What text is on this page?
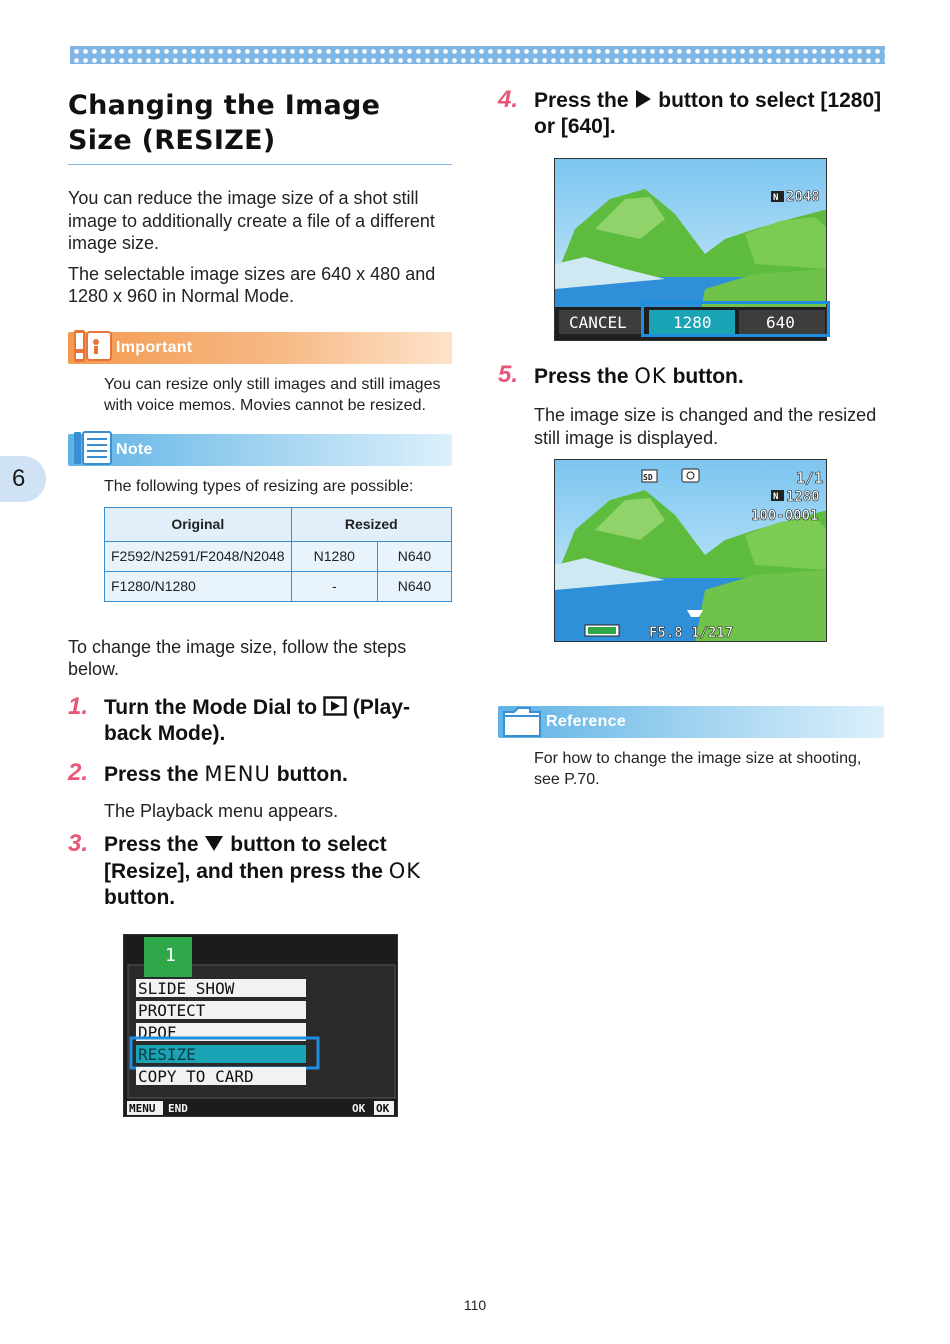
6
Changing the Image Size (RESIZE)

You can reduce the image size of a shot still image to additionally create a file of a different image size.

The selectable image sizes are 640 x 480 and 1280 x 960 in Normal Mode.

Important

You can resize only still images and still images with voice memos. Movies cannot be resized.

Note

The following types of resizing are possible:

Original	Resized	
F2592/N2591/F2048/N2048	N1280	N640
F1280/N1280	-	N640

To change the image size, follow the steps below.

1. Turn the Mode Dial to (Play-back Mode).
2. Press the MENU button.

The Playback menu appears.

3. Press the button to select [Resize], and then press the OK button.
1
SLIDE SHOW
PROTECT
DPOF
RESIZE
COPY TO CARD
MENU END	OK OK
4. Press the button to select [1280] or [640].
N 2048
CANCEL	1280	640
5. Press the OK button.

The image size is changed and the resized still image is displayed.

SD	1/1
N 1280
100-0001
F5.8 1/217
Reference

For how to change the image size at shooting, see P.70.

110
